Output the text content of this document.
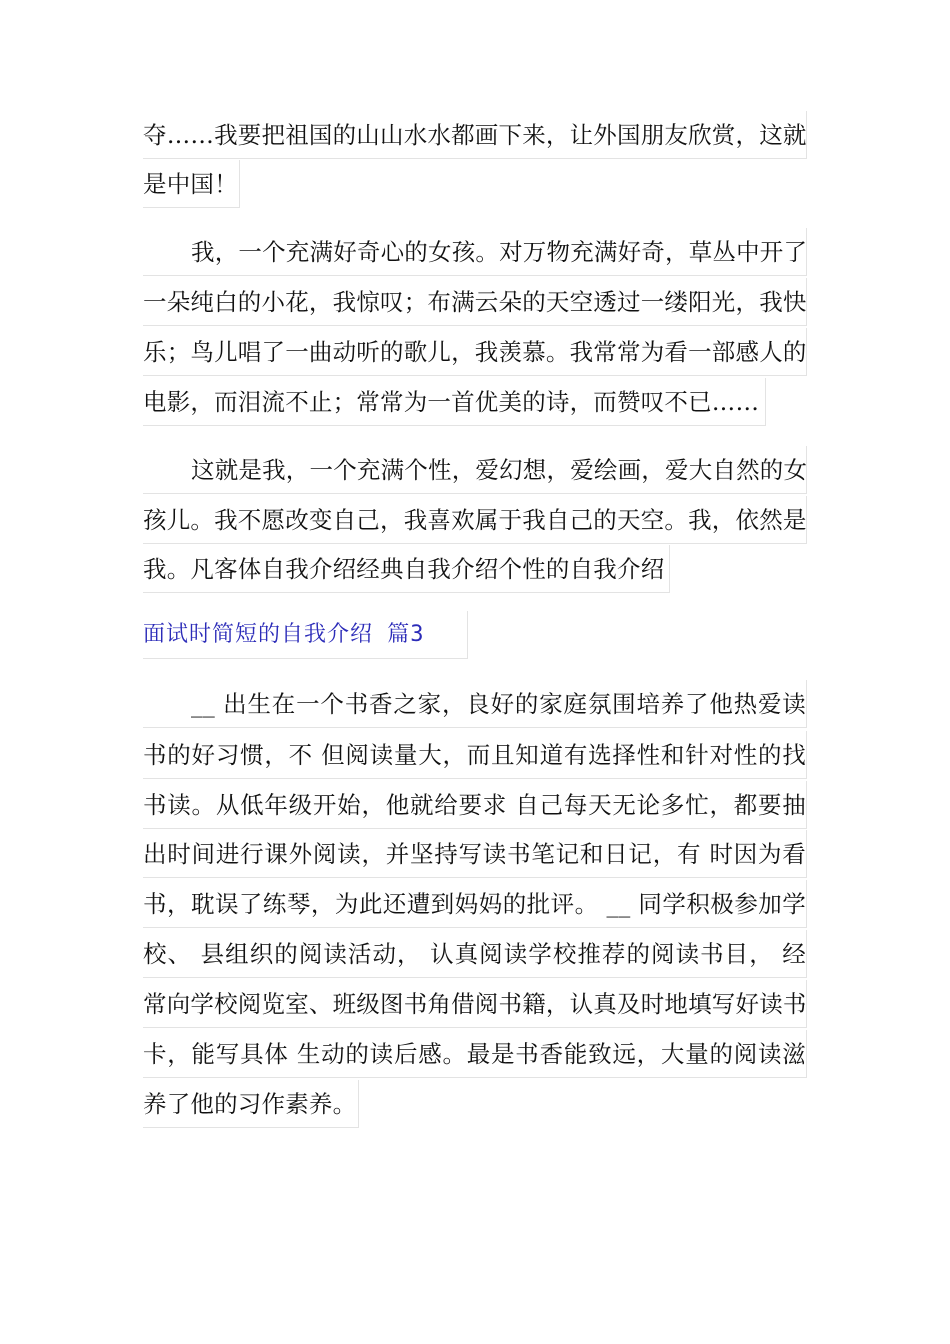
夺……我要把祖国的山山水水都画下来，让外国朋友欣赏，这就
是中国！
我，一个充满好奇心的女孩。对万物充满好奇，草丛中开了
一朵纯白的小花，我惊叹；布满云朵的天空透过一缕阳光，我快
乐；鸟儿唱了一曲动听的歌儿，我羡慕。我常常为看一部感人的
电影，而泪流不止；常常为一首优美的诗，而赞叹不已……
这就是我，一个充满个性，爱幻想，爱绘画，爱大自然的女
孩儿。我不愿改变自己，我喜欢属于我自己的天空。我，依然是
我。凡客体自我介绍经典自我介绍个性的自我介绍
面试时简短的自我介绍 篇3
__ 出生在一个书香之家，良好的家庭氛围培养了他热爱读
书的好习惯，不 但阅读量大，而且知道有选择性和针对性的找
书读。从低年级开始，他就给要求 自己每天无论多忙，都要抽
出时间进行课外阅读，并坚持写读书笔记和日记，有 时因为看
书，耽误了练琴，为此还遭到妈妈的批评。 __ 同学积极参加学
校、 县组织的阅读活动， 认真阅读学校推荐的阅读书目， 经
常向学校阅览室、班级图书角借阅书籍，认真及时地填写好读书
卡，能写具体 生动的读后感。最是书香能致远，大量的阅读滋
养了他的习作素养。
